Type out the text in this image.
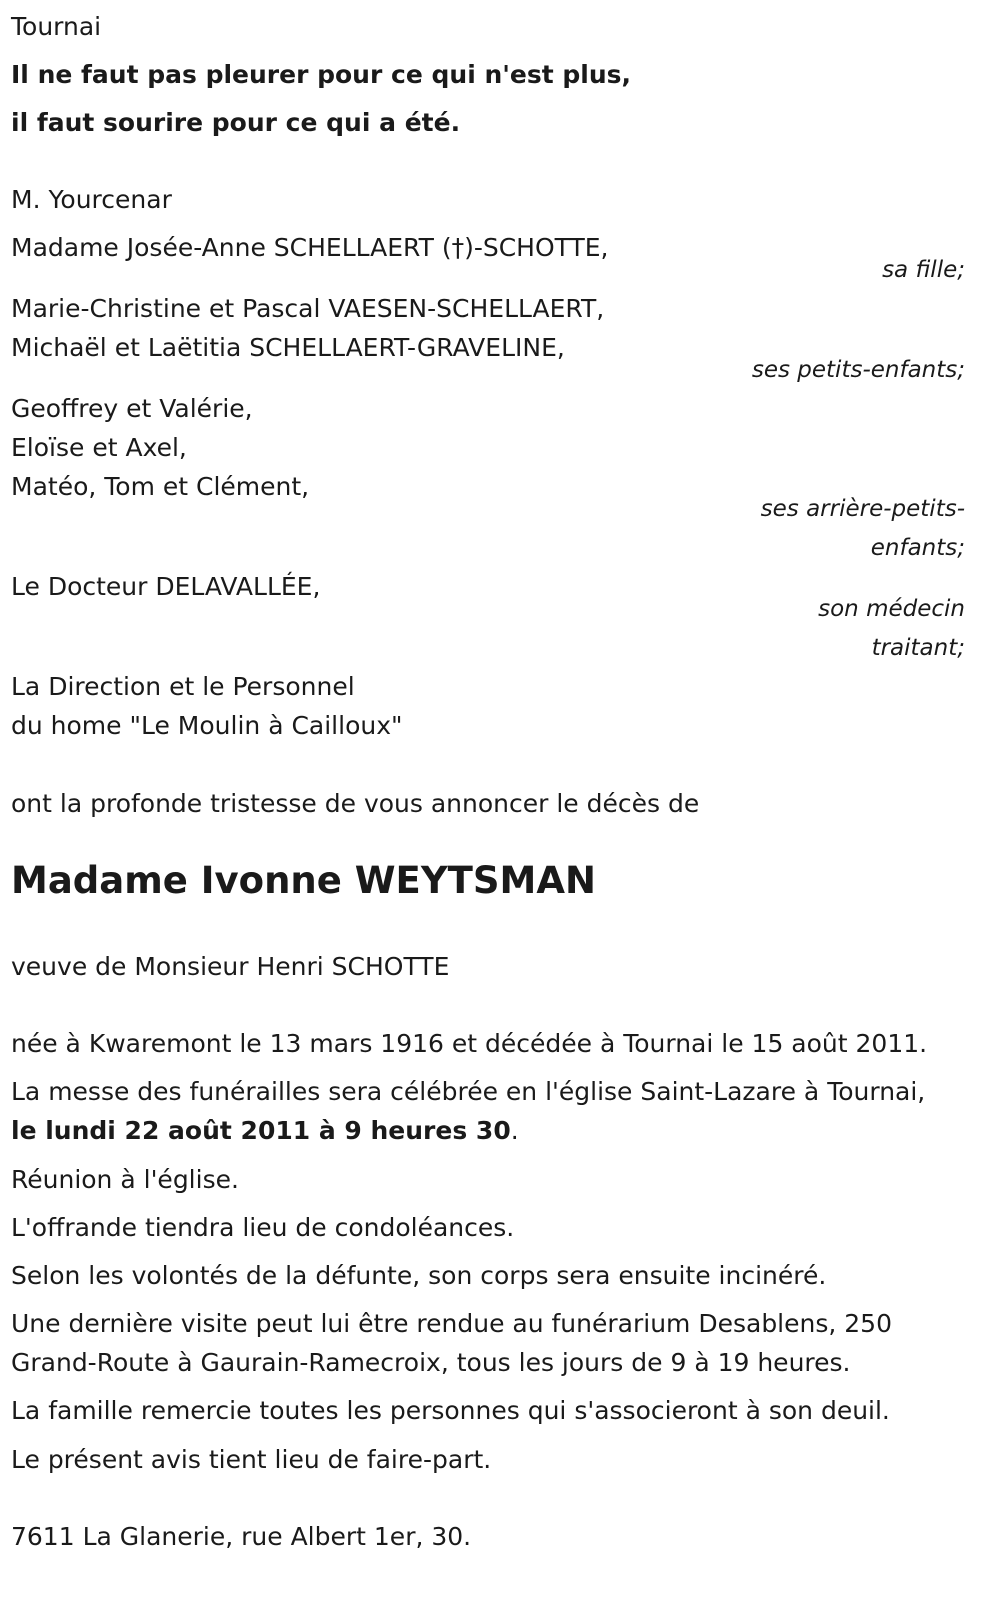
Tournai
Il ne faut pas pleurer pour ce qui n'est plus,
il faut sourire pour ce qui a été.
M. Yourcenar
Madame Josée-Anne SCHELLAERT (†)-SCHOTTE,
sa fille;
Marie-Christine et Pascal VAESEN-SCHELLAERT,
Michaël et Laëtitia SCHELLAERT-GRAVELINE,
ses petits-enfants;
Geoffrey et Valérie,
Eloïse et Axel,
Matéo, Tom et Clément,
ses arrière-petits-
enfants;
Le Docteur DELAVALLÉE,
son médecin
traitant;
La Direction et le Personnel
du home "Le Moulin à Cailloux"
ont la profonde tristesse de vous annoncer le décès de
Madame Ivonne WEYTSMAN
veuve de Monsieur Henri SCHOTTE
née à Kwaremont le 13 mars 1916 et décédée à Tournai le 15 août 2011.
La messe des funérailles sera célébrée en l'église Saint-Lazare à Tournai,
le lundi 22 août 2011 à 9 heures 30.
Réunion à l'église.
L'offrande tiendra lieu de condoléances.
Selon les volontés de la défunte, son corps sera ensuite incinéré.
Une dernière visite peut lui être rendue au funérarium Desablens, 250
Grand-Route à Gaurain-Ramecroix, tous les jours de 9 à 19 heures.
La famille remercie toutes les personnes qui s'associeront à son deuil.
Le présent avis tient lieu de faire-part.
7611 La Glanerie, rue Albert 1er, 30.
